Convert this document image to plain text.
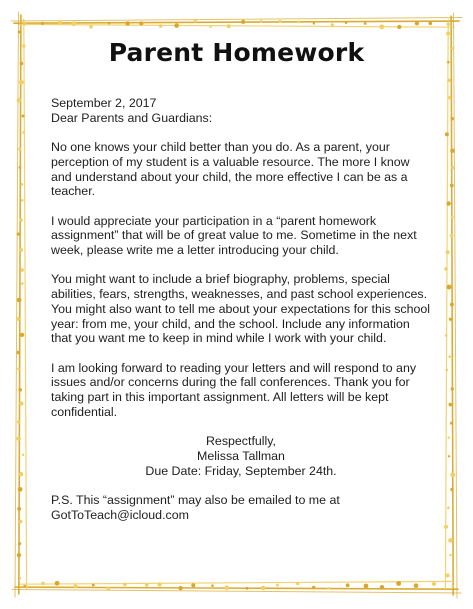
Parent Homework

September 2, 2017
Dear Parents and Guardians:

No one knows your child better than you do. As a parent, your perception of my student is a valuable resource. The more I know and understand about your child, the more effective I can be as a teacher.

I would appreciate your participation in a “parent homework assignment” that will be of great value to me. Sometime in the next week, please write me a letter introducing your child.

You might want to include a brief biography, problems, special abilities, fears, strengths, weaknesses, and past school experiences. You might also want to tell me about your expectations for this school year: from me, your child, and the school. Include any information that you want me to keep in mind while I work with your child.

I am looking forward to reading your letters and will respond to any issues and/or concerns during the fall conferences. Thank you for taking part in this important assignment. All letters will be kept confidential.

Respectfully,
Melissa Tallman
Due Date: Friday, September 24th.

P.S. This “assignment” may also be emailed to me at
GotToTeach@icloud.com
